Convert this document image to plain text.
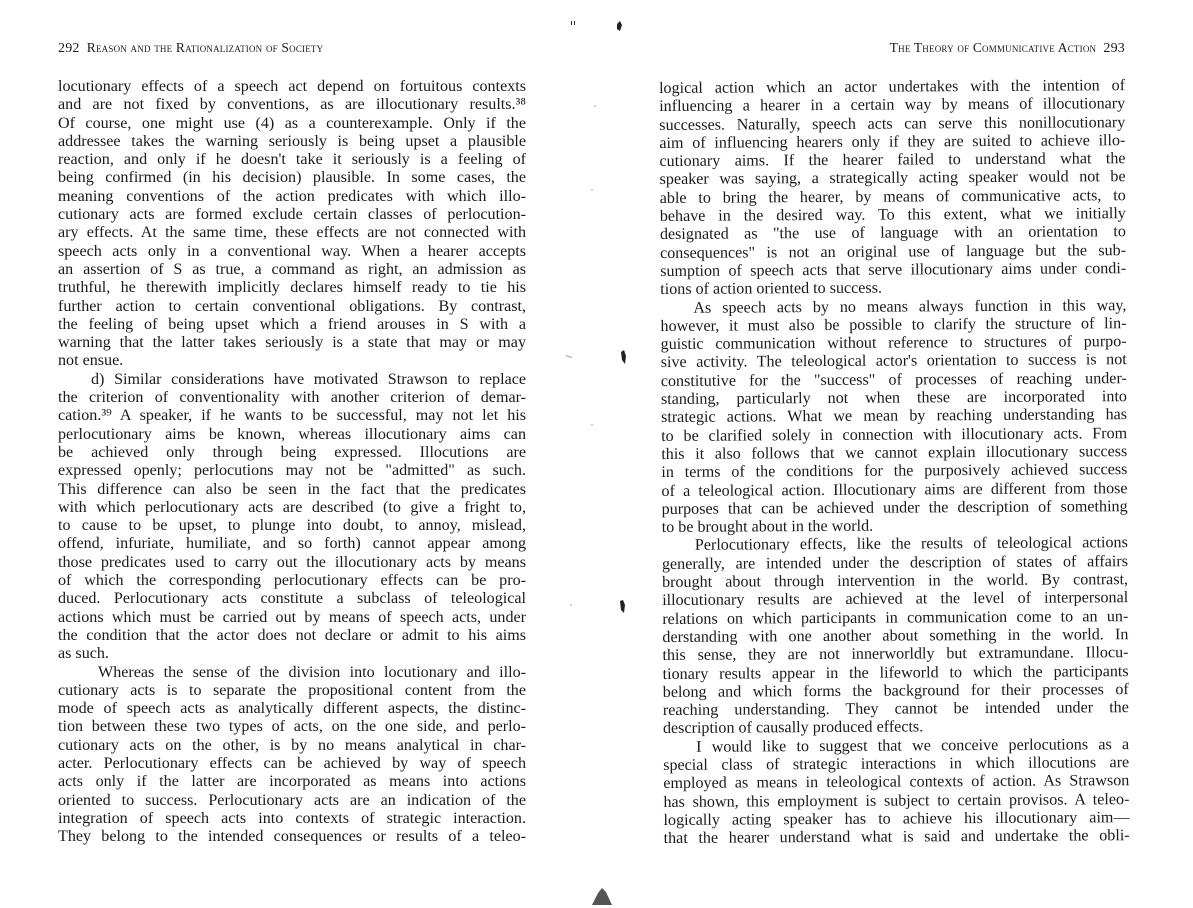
292 Reason and the Rationalization of Society
locutionary effects of a speech act depend on fortuitous contexts
and are not fixed by conventions, as are illocutionary results.³⁸
Of course, one might use (4) as a counterexample. Only if the
addressee takes the warning seriously is being upset a plausible
reaction, and only if he doesn't take it seriously is a feeling of
being confirmed (in his decision) plausible. In some cases, the
meaning conventions of the action predicates with which illo-
cutionary acts are formed exclude certain classes of perlocution-
ary effects. At the same time, these effects are not connected with
speech acts only in a conventional way. When a hearer accepts
an assertion of S as true, a command as right, an admission as
truthful, he therewith implicitly declares himself ready to tie his
further action to certain conventional obligations. By contrast,
the feeling of being upset which a friend arouses in S with a
warning that the latter takes seriously is a state that may or may
not ensue.
d) Similar considerations have motivated Strawson to replace
the criterion of conventionality with another criterion of demar-
cation.³⁹ A speaker, if he wants to be successful, may not let his
perlocutionary aims be known, whereas illocutionary aims can
be achieved only through being expressed. Illocutions are
expressed openly; perlocutions may not be "admitted" as such.
This difference can also be seen in the fact that the predicates
with which perlocutionary acts are described (to give a fright to,
to cause to be upset, to plunge into doubt, to annoy, mislead,
offend, infuriate, humiliate, and so forth) cannot appear among
those predicates used to carry out the illocutionary acts by means
of which the corresponding perlocutionary effects can be pro-
duced. Perlocutionary acts constitute a subclass of teleological
actions which must be carried out by means of speech acts, under
the condition that the actor does not declare or admit to his aims
as such.
Whereas the sense of the division into locutionary and illo-
cutionary acts is to separate the propositional content from the
mode of speech acts as analytically different aspects, the distinc-
tion between these two types of acts, on the one side, and perlo-
cutionary acts on the other, is by no means analytical in char-
acter. Perlocutionary effects can be achieved by way of speech
acts only if the latter are incorporated as means into actions
oriented to success. Perlocutionary acts are an indication of the
integration of speech acts into contexts of strategic interaction.
They belong to the intended consequences or results of a teleo-
The Theory of Communicative Action 293
logical action which an actor undertakes with the intention of
influencing a hearer in a certain way by means of illocutionary
successes. Naturally, speech acts can serve this nonillocutionary
aim of influencing hearers only if they are suited to achieve illo-
cutionary aims. If the hearer failed to understand what the
speaker was saying, a strategically acting speaker would not be
able to bring the hearer, by means of communicative acts, to
behave in the desired way. To this extent, what we initially
designated as "the use of language with an orientation to
consequences" is not an original use of language but the sub-
sumption of speech acts that serve illocutionary aims under condi-
tions of action oriented to success.
As speech acts by no means always function in this way,
however, it must also be possible to clarify the structure of lin-
guistic communication without reference to structures of purpo-
sive activity. The teleological actor's orientation to success is not
constitutive for the "success" of processes of reaching under-
standing, particularly not when these are incorporated into
strategic actions. What we mean by reaching understanding has
to be clarified solely in connection with illocutionary acts. From
this it also follows that we cannot explain illocutionary success
in terms of the conditions for the purposively achieved success
of a teleological action. Illocutionary aims are different from those
purposes that can be achieved under the description of something
to be brought about in the world.
Perlocutionary effects, like the results of teleological actions
generally, are intended under the description of states of affairs
brought about through intervention in the world. By contrast,
illocutionary results are achieved at the level of interpersonal
relations on which participants in communication come to an un-
derstanding with one another about something in the world. In
this sense, they are not innerworldly but extramundane. Illocu-
tionary results appear in the lifeworld to which the participants
belong and which forms the background for their processes of
reaching understanding. They cannot be intended under the
description of causally produced effects.
I would like to suggest that we conceive perlocutions as a
special class of strategic interactions in which illocutions are
employed as means in teleological contexts of action. As Strawson
has shown, this employment is subject to certain provisos. A teleo-
logically acting speaker has to achieve his illocutionary aim—
that the hearer understand what is said and undertake the obli-
